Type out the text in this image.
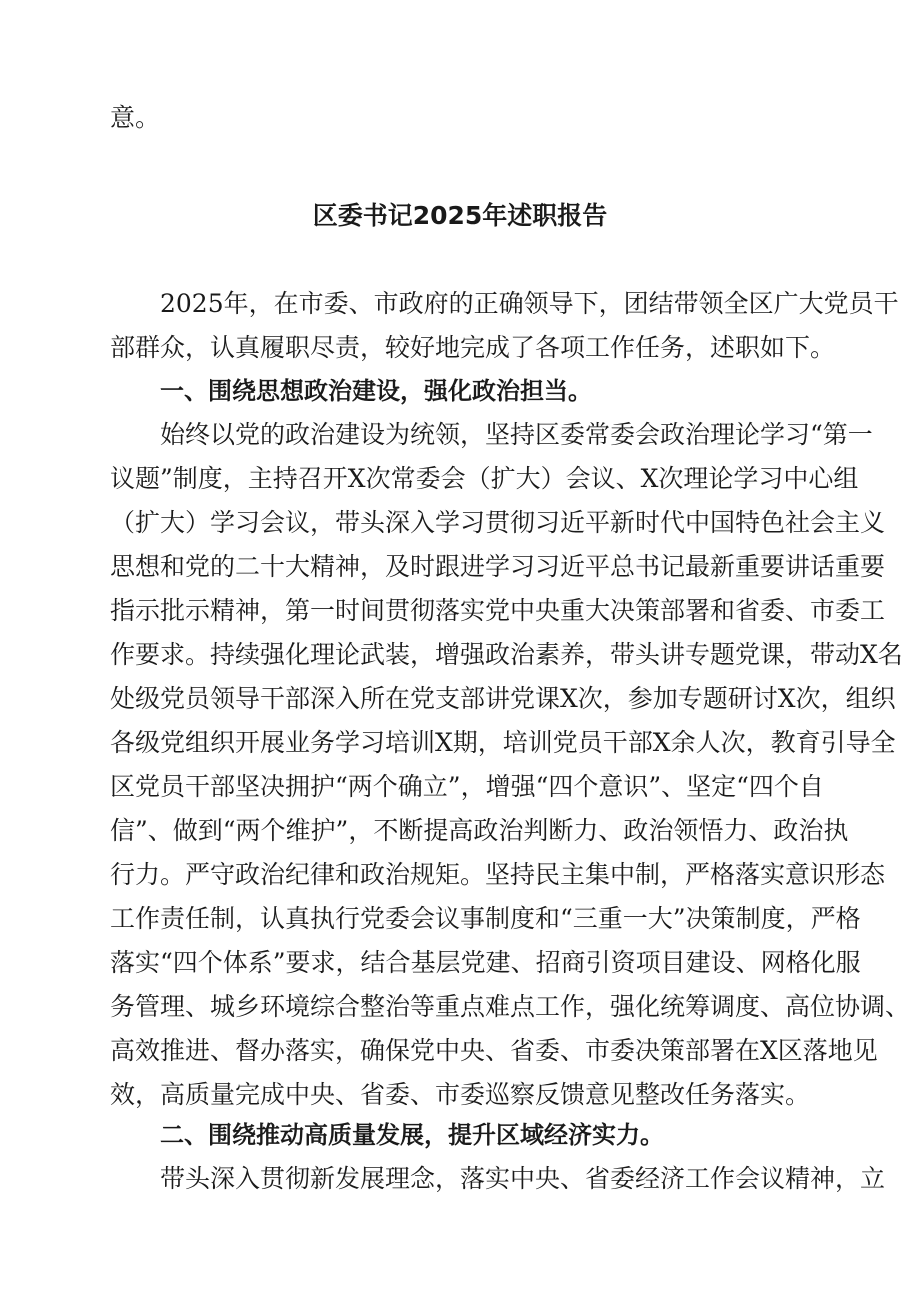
意。
区委书记2025年述职报告
2025年，在市委、市政府的正确领导下，团结带领全区广大党员干
部群众，认真履职尽责，较好地完成了各项工作任务，述职如下。
一、围绕思想政治建设，强化政治担当。
始终以党的政治建设为统领，坚持区委常委会政治理论学习“第一
议题”制度，主持召开X次常委会（扩大）会议、X次理论学习中心组
（扩大）学习会议，带头深入学习贯彻习近平新时代中国特色社会主义
思想和党的二十大精神，及时跟进学习习近平总书记最新重要讲话重要
指示批示精神，第一时间贯彻落实党中央重大决策部署和省委、市委工
作要求。持续强化理论武装，增强政治素养，带头讲专题党课，带动X名
处级党员领导干部深入所在党支部讲党课X次，参加专题研讨X次，组织
各级党组织开展业务学习培训X期，培训党员干部X余人次，教育引导全
区党员干部坚决拥护“两个确立”，增强“四个意识”、坚定“四个自
信”、做到“两个维护”，不断提高政治判断力、政治领悟力、政治执
行力。严守政治纪律和政治规矩。坚持民主集中制，严格落实意识形态
工作责任制，认真执行党委会议事制度和“三重一大”决策制度，严格
落实“四个体系”要求，结合基层党建、招商引资项目建设、网格化服
务管理、城乡环境综合整治等重点难点工作，强化统筹调度、高位协调、
高效推进、督办落实，确保党中央、省委、市委决策部署在X区落地见
效，高质量完成中央、省委、市委巡察反馈意见整改任务落实。
二、围绕推动高质量发展，提升区域经济实力。
带头深入贯彻新发展理念，落实中央、省委经济工作会议精神，立
